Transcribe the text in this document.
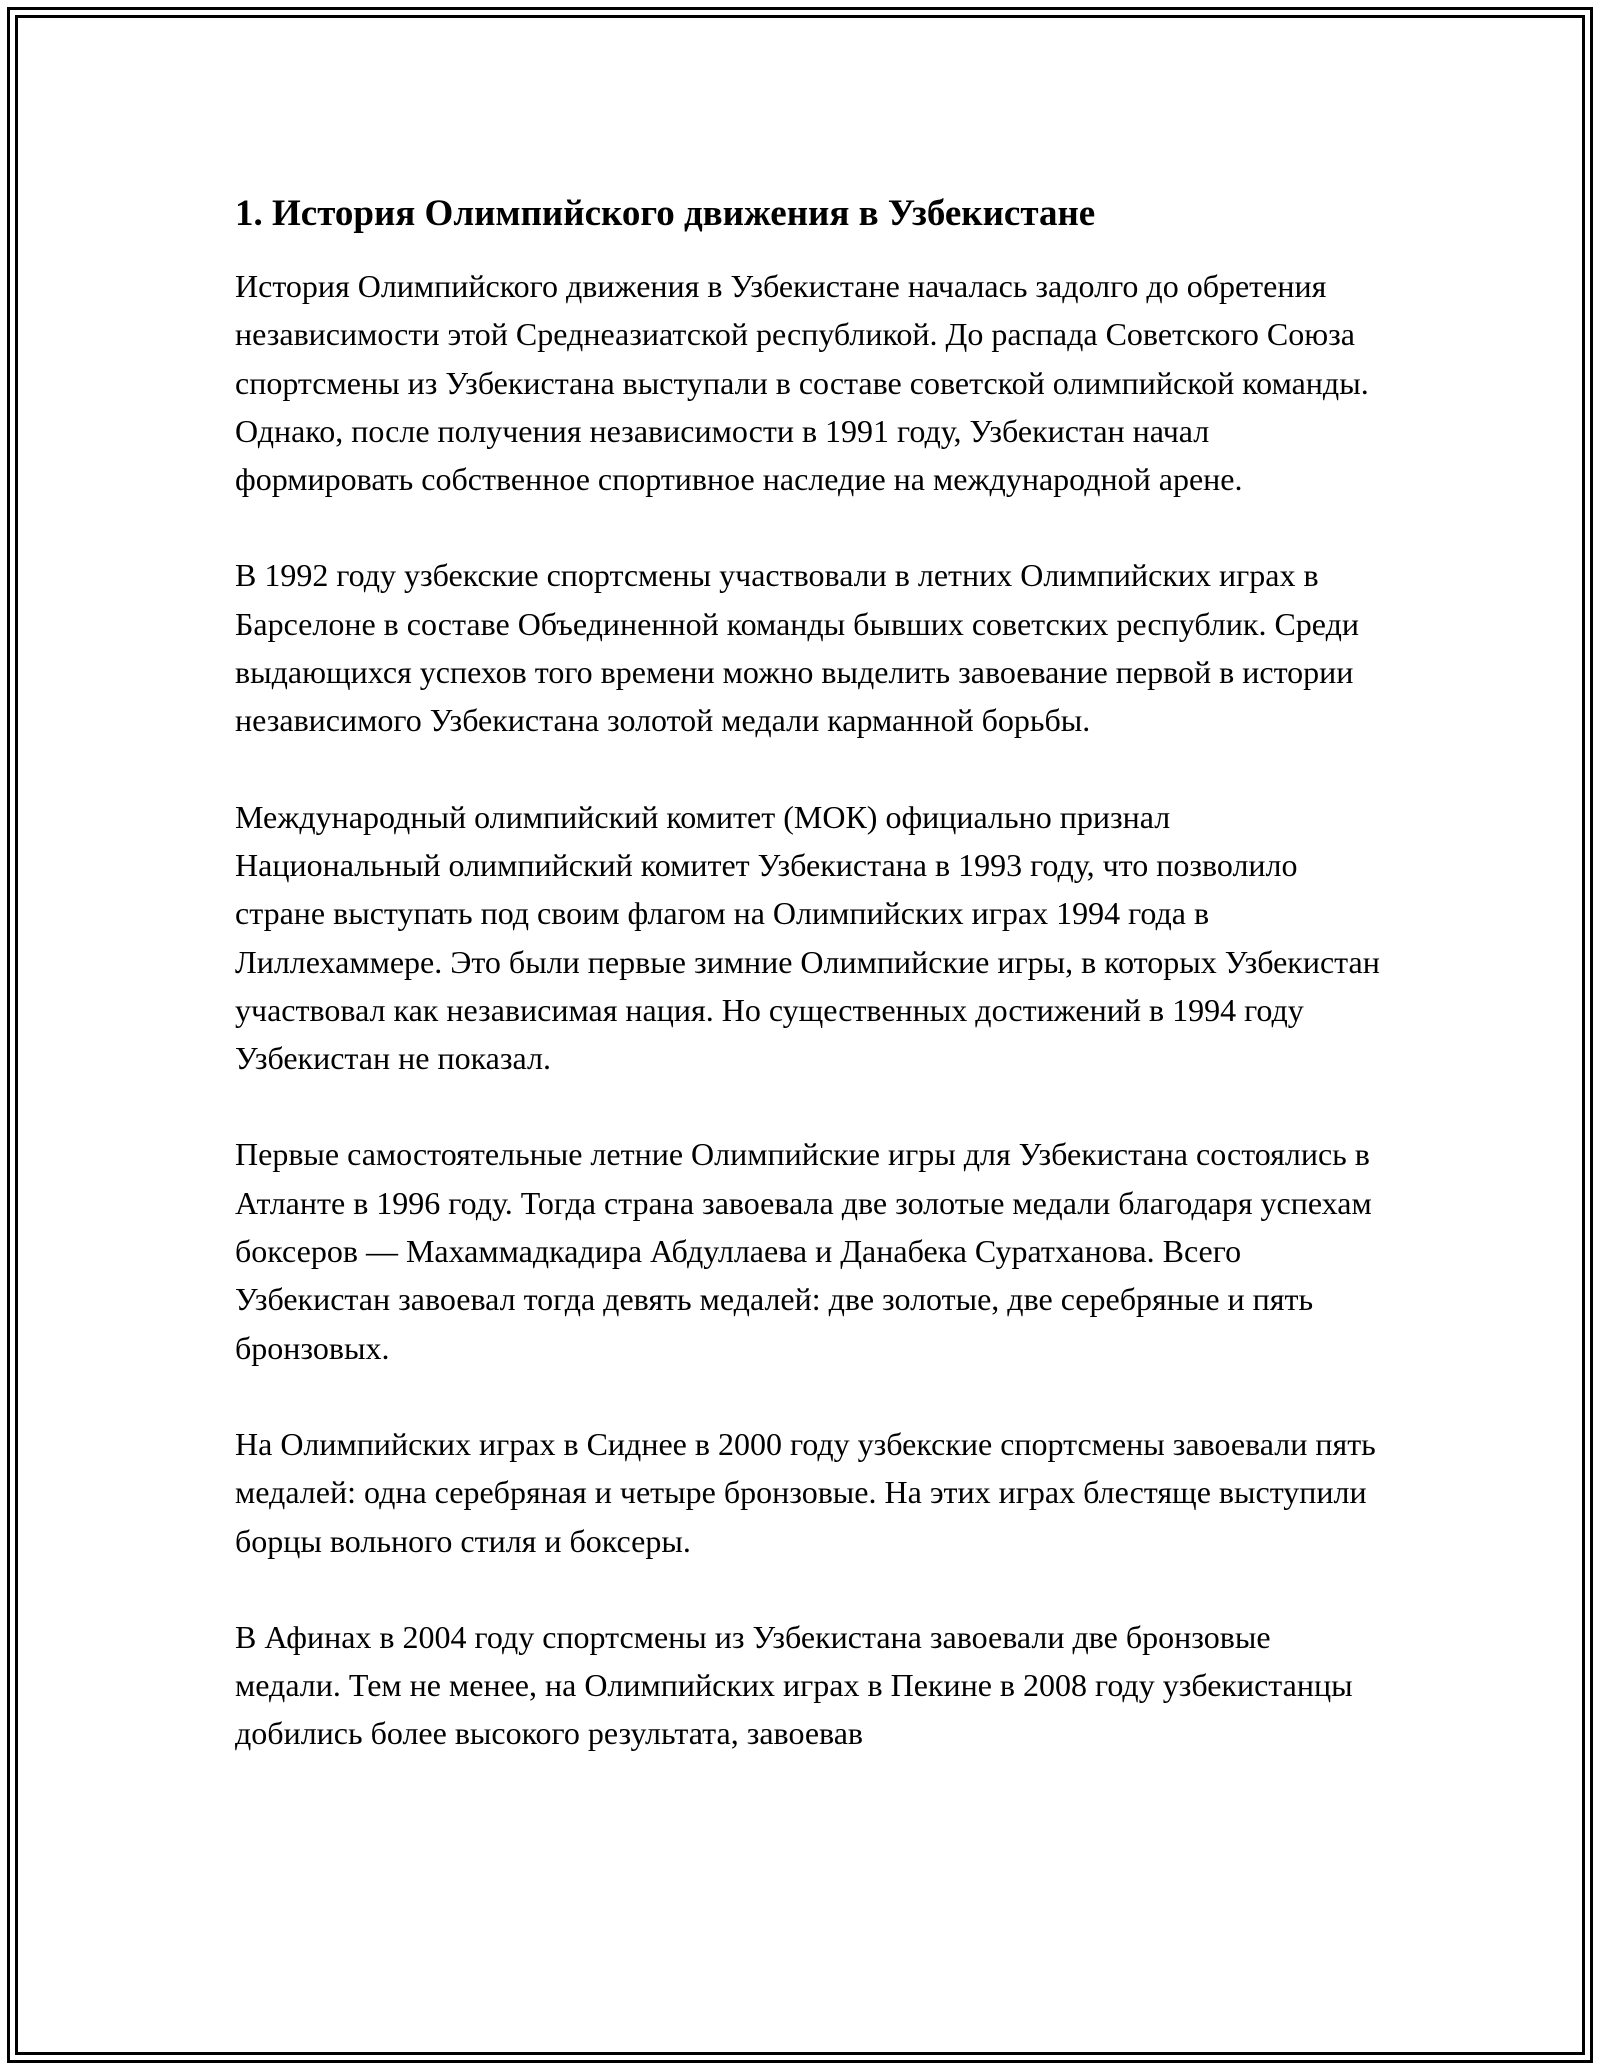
1. История Олимпийского движения в Узбекистане

История Олимпийского движения в Узбекистане началась задолго до обретения независимости этой Среднеазиатской республикой. До распада Советского Союза спортсмены из Узбекистана выступали в составе советской олимпийской команды. Однако, после получения независимости в 1991 году, Узбекистан начал формировать собственное спортивное наследие на международной арене.

В 1992 году узбекские спортсмены участвовали в летних Олимпийских играх в Барселоне в составе Объединенной команды бывших советских республик. Среди выдающихся успехов того времени можно выделить завоевание первой в истории независимого Узбекистана золотой медали карманной борьбы.

Международный олимпийский комитет (МОК) официально признал Национальный олимпийский комитет Узбекистана в 1993 году, что позволило стране выступать под своим флагом на Олимпийских играх 1994 года в Лиллехаммере. Это были первые зимние Олимпийские игры, в которых Узбекистан участвовал как независимая нация. Но существенных достижений в 1994 году Узбекистан не показал.

Первые самостоятельные летние Олимпийские игры для Узбекистана состоялись в Атланте в 1996 году. Тогда страна завоевала две золотые медали благодаря успехам боксеров — Махаммадкадира Абдуллаева и Данабека Суратханова. Всего Узбекистан завоевал тогда девять медалей: две золотые, две серебряные и пять бронзовых.

На Олимпийских играх в Сиднее в 2000 году узбекские спортсмены завоевали пять медалей: одна серебряная и четыре бронзовые. На этих играх блестяще выступили борцы вольного стиля и боксеры.

В Афинах в 2004 году спортсмены из Узбекистана завоевали две бронзовые медали. Тем не менее, на Олимпийских играх в Пекине в 2008 году узбекистанцы добились более высокого результата, завоевав
